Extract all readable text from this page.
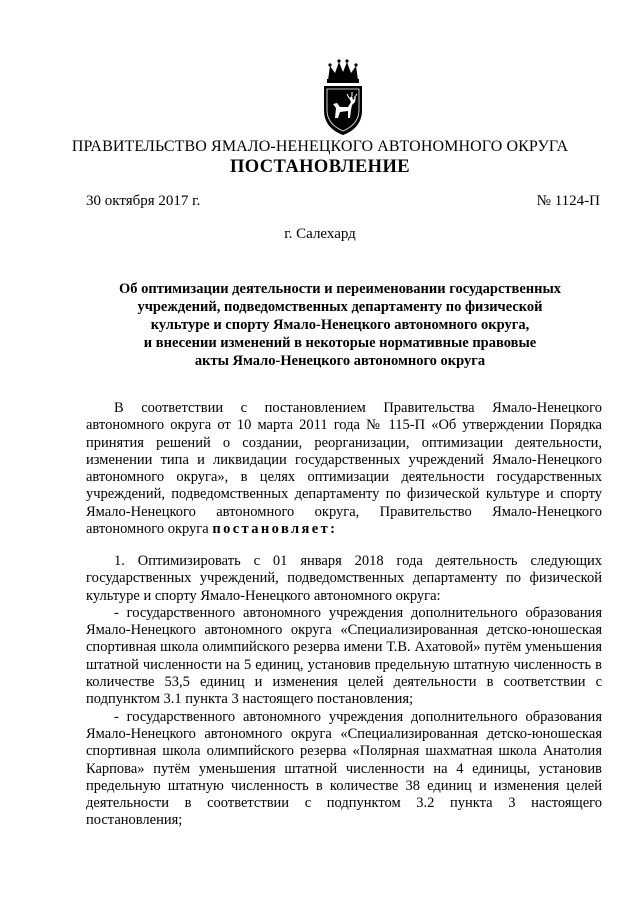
ПРАВИТЕЛЬСТВО ЯМАЛО-НЕНЕЦКОГО АВТОНОМНОГО ОКРУГА
ПОСТАНОВЛЕНИЕ
30 октября 2017 г.	№ 1124-П
г. Салехард
Об оптимизации деятельности и переименовании государственных
учреждений, подведомственных департаменту по физической
культуре и спорту Ямало-Ненецкого автономного округа,
и внесении изменений в некоторые нормативные правовые
акты Ямало-Ненецкого автономного округа

В соответствии с постановлением Правительства Ямало-Ненецкого автономного округа от 10 марта 2011 года № 115-П «Об утверждении Порядка принятия решений о создании, реорганизации, оптимизации деятельности, изменении типа и ликвидации государственных учреждений Ямало-Ненецкого автономного округа», в целях оптимизации деятельности государственных учреждений, подведомственных департаменту по физической культуре и спорту Ямало-Ненецкого автономного округа, Правительство Ямало-Ненецкого автономного округа постановляет:

1. Оптимизировать с 01 января 2018 года деятельность следующих государственных учреждений, подведомственных департаменту по физической культуре и спорту Ямало-Ненецкого автономного округа:

- государственного автономного учреждения дополнительного образования Ямало-Ненецкого автономного округа «Специализированная детско-юношеская спортивная школа олимпийского резерва имени Т.В. Ахатовой» путём уменьшения штатной численности на 5 единиц, установив предельную штатную численность в количестве 53,5 единиц и изменения целей деятельности в соответствии с подпунктом 3.1 пункта 3 настоящего постановления;

- государственного автономного учреждения дополнительного образования Ямало-Ненецкого автономного округа «Специализированная детско-юношеская спортивная школа олимпийского резерва «Полярная шахматная школа Анатолия Карпова» путём уменьшения штатной численности на 4 единицы, установив предельную штатную численность в количестве 38 единиц и изменения целей деятельности в соответствии с подпунктом 3.2 пункта 3 настоящего постановления;
